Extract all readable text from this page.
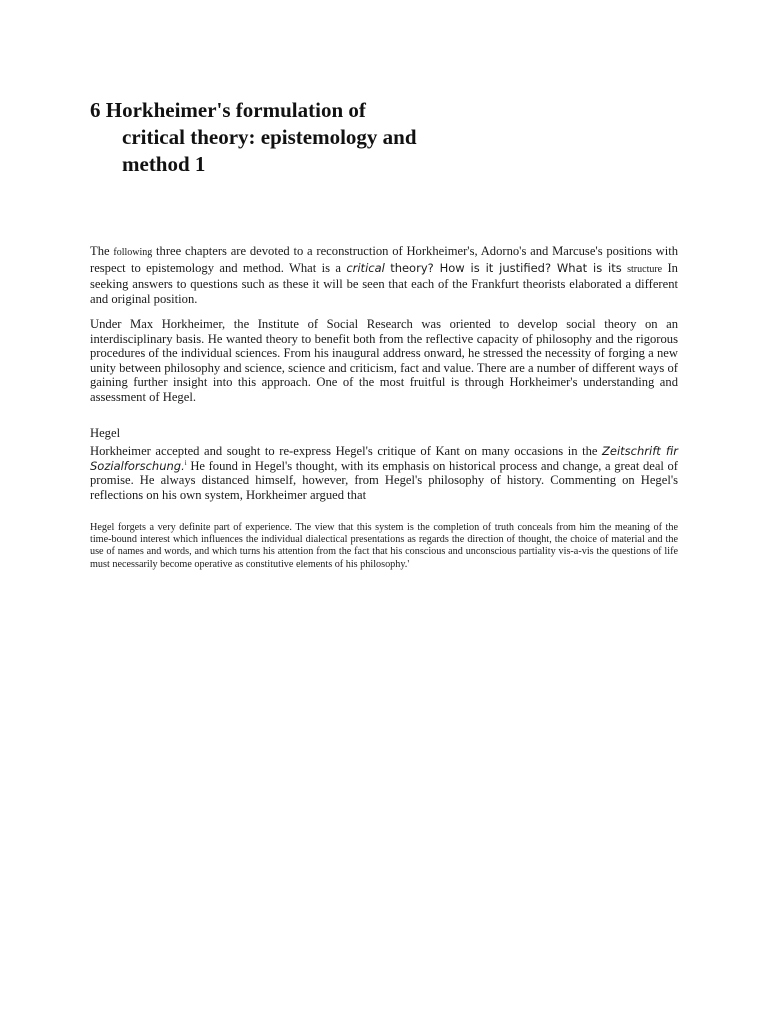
6 Horkheimer's formulation of
critical theory: epistemology and
method 1

The following three chapters are devoted to a reconstruction of Horkheimer's, Adorno's and Marcuse's positions with respect to epistemology and method. What is a critical theory? How is it justified? What is its structure In seeking answers to questions such as these it will be seen that each of the Frankfurt theorists elaborated a different and original position.

Under Max Horkheimer, the Institute of Social Research was oriented to develop social theory on an interdisciplinary basis. He wanted theory to benefit both from the reflective capacity of philosophy and the rigorous procedures of the individual sciences. From his inaugural address onward, he stressed the necessity of forging a new unity between philosophy and science, science and criticism, fact and value. There are a number of different ways of gaining further insight into this approach. One of the most fruitful is through Horkheimer's understanding and assessment of Hegel.

Hegel

Horkheimer accepted and sought to re-express Hegel's critique of Kant on many occasions in the Zeitschrift fir Sozialforschung.$^i$ He found in Hegel's thought, with its emphasis on historical process and change, a great deal of promise. He always distanced himself, however, from Hegel's philosophy of history. Commenting on Hegel's reflections on his own system, Horkheimer argued that

Hegel forgets a very definite part of experience. The view that this system is the completion of truth conceals from him the meaning of the time-bound interest which influences the individual dialectical presentations as regards the direction of thought, the choice of material and the use of names and words, and which turns his attention from the fact that his conscious and unconscious partiality vis-a-vis the questions of life must necessarily become operative as constitutive elements of his philosophy.'
